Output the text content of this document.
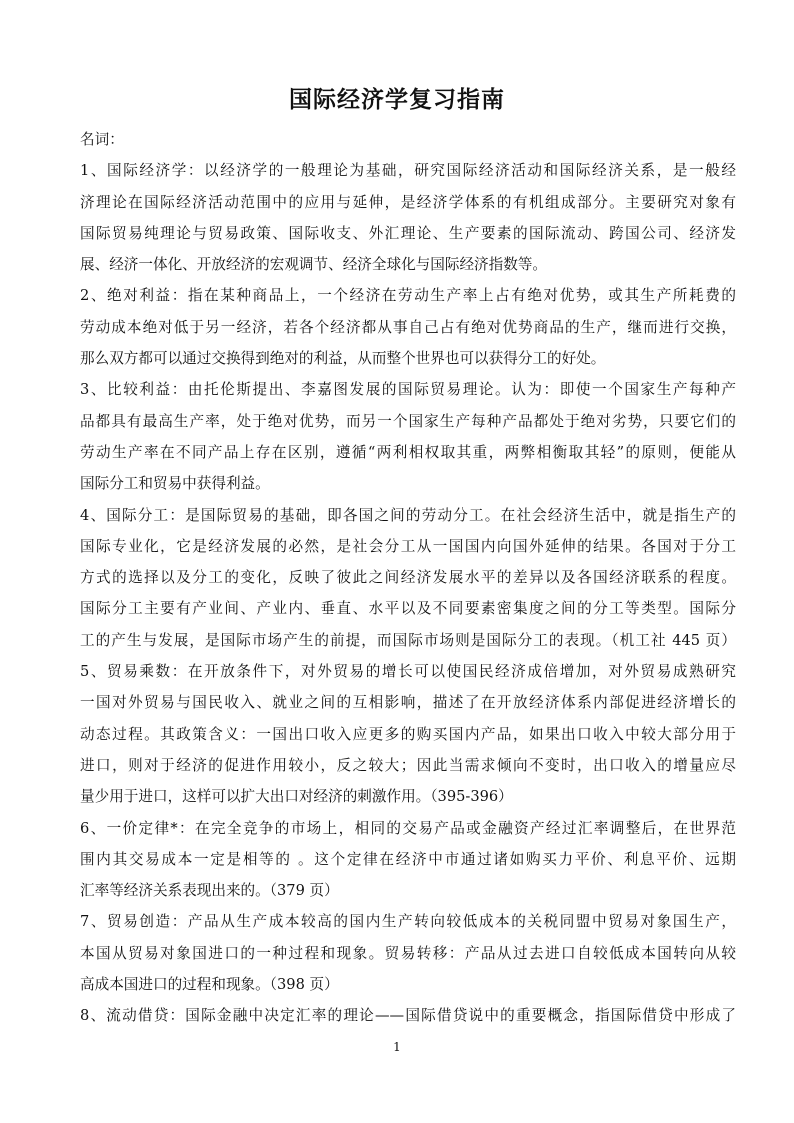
国际经济学复习指南
名词：
1、国际经济学：以经济学的一般理论为基础，研究国际经济活动和国际经济关系，是一般经
济理论在国际经济活动范围中的应用与延伸，是经济学体系的有机组成部分。主要研究对象有
国际贸易纯理论与贸易政策、国际收支、外汇理论、生产要素的国际流动、跨国公司、经济发
展、经济一体化、开放经济的宏观调节、经济全球化与国际经济指数等。
2、绝对利益：指在某种商品上，一个经济在劳动生产率上占有绝对优势，或其生产所耗费的
劳动成本绝对低于另一经济，若各个经济都从事自己占有绝对优势商品的生产，继而进行交换，
那么双方都可以通过交换得到绝对的利益，从而整个世界也可以获得分工的好处。
3、比较利益：由托伦斯提出、李嘉图发展的国际贸易理论。认为：即使一个国家生产每种产
品都具有最高生产率，处于绝对优势，而另一个国家生产每种产品都处于绝对劣势，只要它们的
劳动生产率在不同产品上存在区别，遵循“两利相权取其重，两弊相衡取其轻”的原则，便能从
国际分工和贸易中获得利益。
4、国际分工：是国际贸易的基础，即各国之间的劳动分工。在社会经济生活中，就是指生产的
国际专业化，它是经济发展的必然，是社会分工从一国国内向国外延伸的结果。各国对于分工
方式的选择以及分工的变化，反映了彼此之间经济发展水平的差异以及各国经济联系的程度。
国际分工主要有产业间、产业内、垂直、水平以及不同要素密集度之间的分工等类型。国际分
工的产生与发展，是国际市场产生的前提，而国际市场则是国际分工的表现。（机工社 445 页）
5、贸易乘数：在开放条件下，对外贸易的增长可以使国民经济成倍增加，对外贸易成熟研究
一国对外贸易与国民收入、就业之间的互相影响，描述了在开放经济体系内部促进经济增长的
动态过程。其政策含义：一国出口收入应更多的购买国内产品，如果出口收入中较大部分用于
进口，则对于经济的促进作用较小，反之较大；因此当需求倾向不变时，出口收入的增量应尽
量少用于进口，这样可以扩大出口对经济的刺激作用。（395-396）
6、一价定律*：在完全竞争的市场上，相同的交易产品或金融资产经过汇率调整后，在世界范
围内其交易成本一定是相等的 。这个定律在经济中市通过诸如购买力平价、利息平价、远期
汇率等经济关系表现出来的。（379 页）
7、贸易创造：产品从生产成本较高的国内生产转向较低成本的关税同盟中贸易对象国生产，
本国从贸易对象国进口的一种过程和现象。贸易转移：产品从过去进口自较低成本国转向从较
高成本国进口的过程和现象。（398 页）
8、流动借贷：国际金融中决定汇率的理论——国际借贷说中的重要概念，指国际借贷中形成了
1
